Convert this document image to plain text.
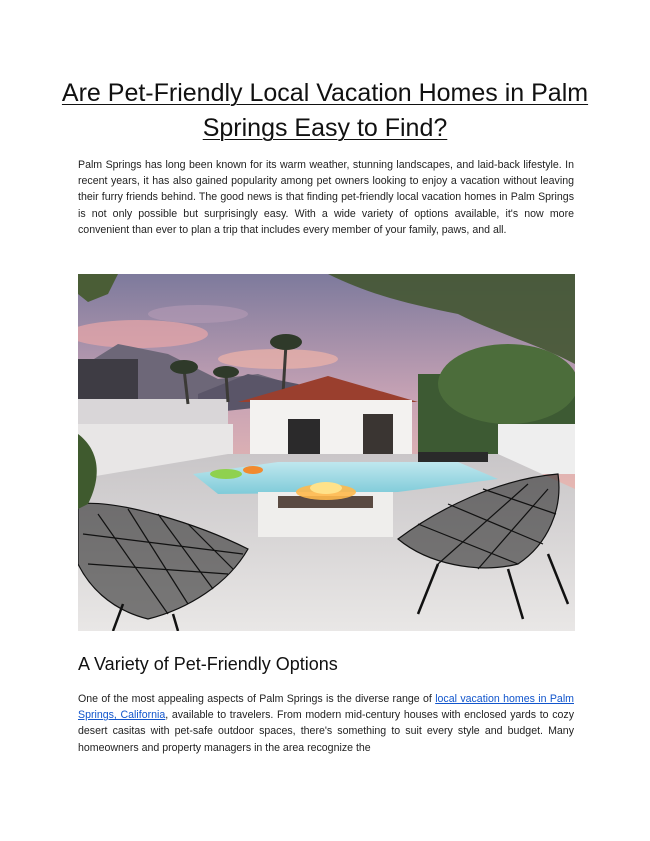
Are Pet-Friendly Local Vacation Homes in Palm Springs Easy to Find?

Palm Springs has long been known for its warm weather, stunning landscapes, and laid-back lifestyle. In recent years, it has also gained popularity among pet owners looking to enjoy a vacation without leaving their furry friends behind. The good news is that finding pet-friendly local vacation homes in Palm Springs is not only possible but surprisingly easy. With a wide variety of options available, it's now more convenient than ever to plan a trip that includes every member of your family, paws, and all.

A Variety of Pet-Friendly Options

One of the most appealing aspects of Palm Springs is the diverse range of local vacation homes in Palm Springs, California, available to travelers. From modern mid-century houses with enclosed yards to cozy desert casitas with pet-safe outdoor spaces, there's something to suit every style and budget. Many homeowners and property managers in the area recognize the
